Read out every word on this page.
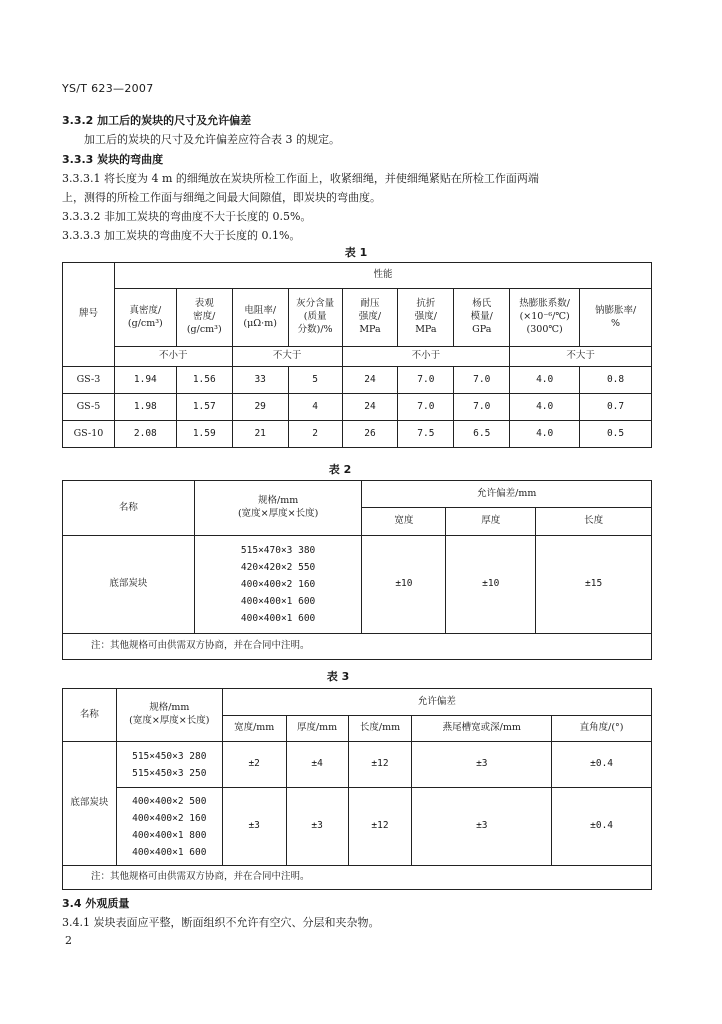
YS/T 623—2007
3.3.2 加工后的炭块的尺寸及允许偏差
加工后的炭块的尺寸及允许偏差应符合表 3 的规定。
3.3.3 炭块的弯曲度
3.3.3.1 将长度为 4 m 的细绳放在炭块所检工作面上，收紧细绳，并使细绳紧贴在所检工作面两端
上，测得的所检工作面与细绳之间最大间隙值，即炭块的弯曲度。
3.3.3.2 非加工炭块的弯曲度不大于长度的 0.5%。
3.3.3.3 加工炭块的弯曲度不大于长度的 0.1%。
表 1
牌号	性能								
	真密度/
(g/cm³)	表观
密度/
(g/cm³)	电阻率/
(μΩ·m)	灰分含量
(质量
分数)/%	耐压
强度/
MPa	抗折
强度/
MPa	杨氏
模量/
GPa	热膨胀系数/
(×10⁻⁶/℃)
(300℃)	钠膨胀率/
%
	不小于		不大于		不小于			不大于	
GS-3	1.94	1.56	33	5	24	7.0	7.0	4.0	0.8
GS-5	1.98	1.57	29	4	24	7.0	7.0	4.0	0.7
GS-10	2.08	1.59	21	2	26	7.5	6.5	4.0	0.5
表 2
名称	规格/mm
(宽度×厚度×长度)	允许偏差/mm		
		宽度	厚度	长度
底部炭块	515×470×3 380
420×420×2 550
400×400×2 160
400×400×1 600
400×400×1 600	±10	±10	±15
注：其他规格可由供需双方协商，并在合同中注明。				
表 3
名称	规格/mm
(宽度×厚度×长度)	允许偏差				
		宽度/mm	厚度/mm	长度/mm	燕尾槽宽或深/mm	直角度/(°)
底部炭块	515×450×3 280
515×450×3 250	±2	±4	±12	±3	±0.4

	400×400×2 500
400×400×2 160
400×400×1 800
400×400×1 600	±3	±3	±12	±3	±0.4
注：其他规格可由供需双方协商，并在合同中注明。						
3.4 外观质量
3.4.1 炭块表面应平整，断面组织不允许有空穴、分层和夹杂物。
2
